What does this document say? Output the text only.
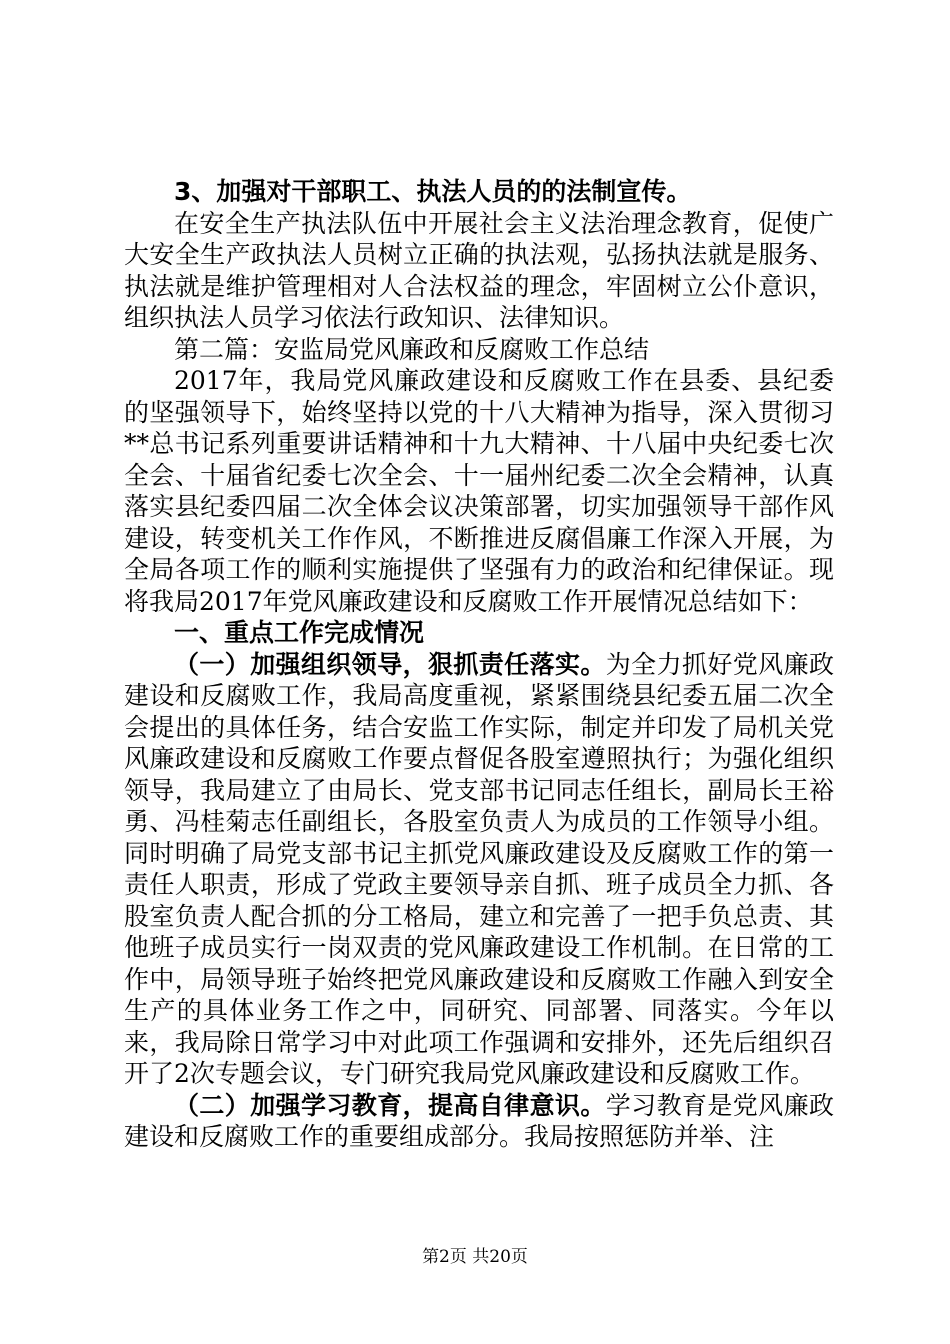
3、加强对干部职工、执法人员的的法制宣传。

在安全生产执法队伍中开展社会主义法治理念教育，促使广大安全生产政执法人员树立正确的执法观，弘扬执法就是服务、执法就是维护管理相对人合法权益的理念，牢固树立公仆意识，组织执法人员学习依法行政知识、法律知识。

第二篇：安监局党风廉政和反腐败工作总结

2017年，我局党风廉政建设和反腐败工作在县委、县纪委的坚强领导下，始终坚持以党的十八大精神为指导，深入贯彻习**总书记系列重要讲话精神和十九大精神、十八届中央纪委七次全会、十届省纪委七次全会、十一届州纪委二次全会精神，认真落实县纪委四届二次全体会议决策部署，切实加强领导干部作风建设，转变机关工作作风，不断推进反腐倡廉工作深入开展，为全局各项工作的顺利实施提供了坚强有力的政治和纪律保证。现将我局2017年党风廉政建设和反腐败工作开展情况总结如下：

一、重点工作完成情况

（一）加强组织领导，狠抓责任落实。为全力抓好党风廉政建设和反腐败工作，我局高度重视，紧紧围绕县纪委五届二次全会提出的具体任务，结合安监工作实际，制定并印发了局机关党风廉政建设和反腐败工作要点督促各股室遵照执行；为强化组织领导，我局建立了由局长、党支部书记同志任组长，副局长王裕勇、冯桂菊志任副组长，各股室负责人为成员的工作领导小组。同时明确了局党支部书记主抓党风廉政建设及反腐败工作的第一责任人职责，形成了党政主要领导亲自抓、班子成员全力抓、各股室负责人配合抓的分工格局，建立和完善了一把手负总责、其他班子成员实行一岗双责的党风廉政建设工作机制。在日常的工作中，局领导班子始终把党风廉政建设和反腐败工作融入到安全生产的具体业务工作之中，同研究、同部署、同落实。今年以来，我局除日常学习中对此项工作强调和安排外，还先后组织召开了2次专题会议，专门研究我局党风廉政建设和反腐败工作。

（二）加强学习教育，提高自律意识。学习教育是党风廉政建设和反腐败工作的重要组成部分。我局按照惩防并举、注

第2页 共20页
